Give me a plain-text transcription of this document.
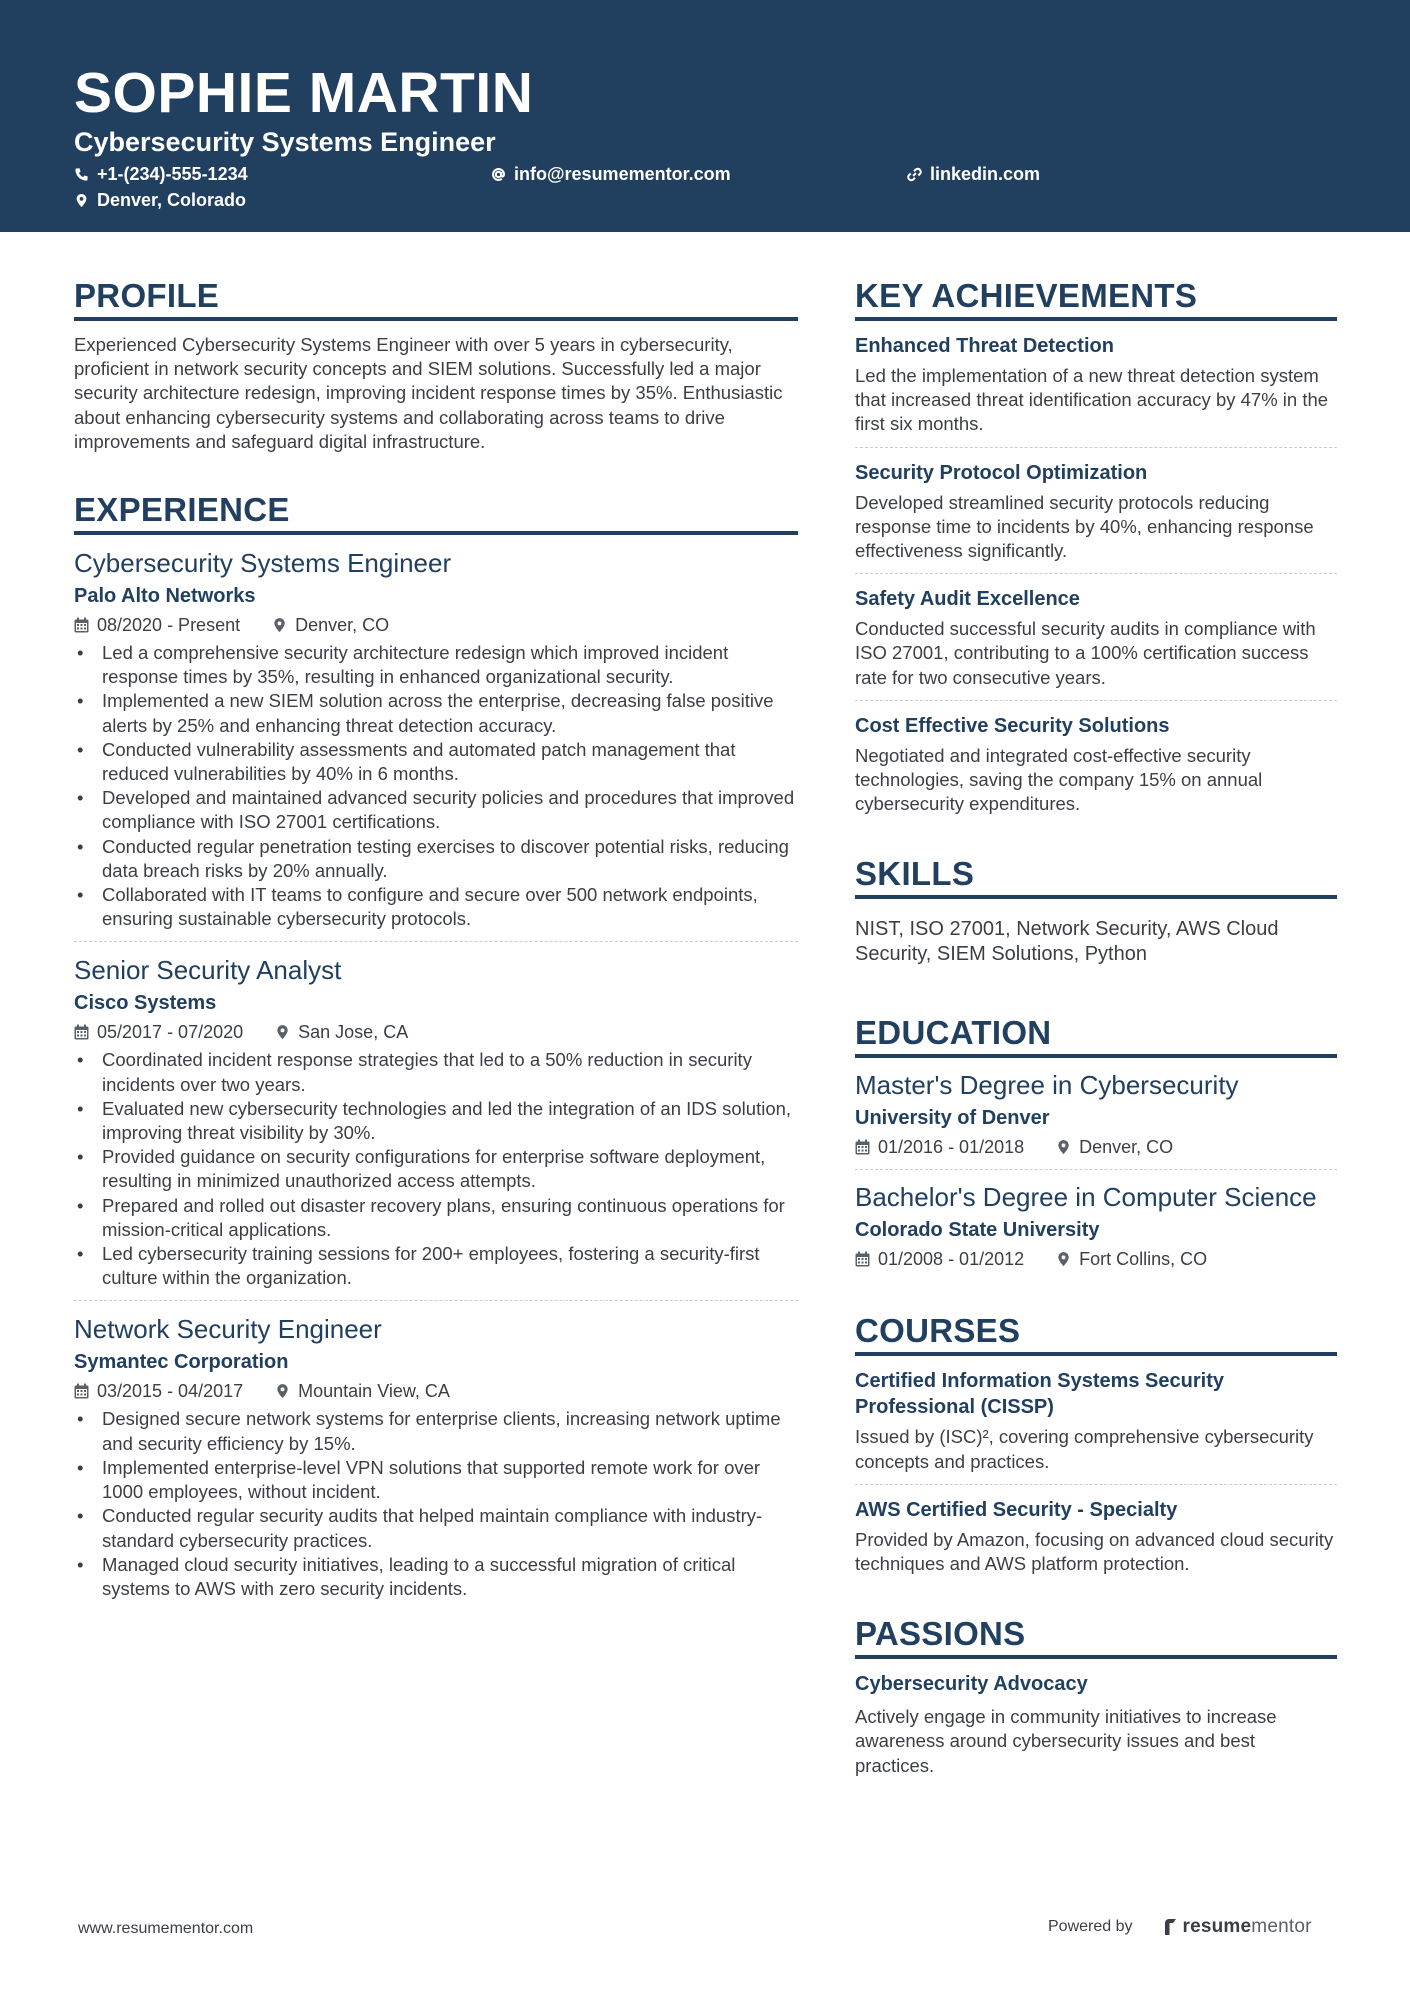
SOPHIE MARTIN
Cybersecurity Systems Engineer
+1-(234)-555-1234	info@resumementor.com	linkedin.com
Denver, Colorado
PROFILE

Experienced Cybersecurity Systems Engineer with over 5 years in cybersecurity, proficient in network security concepts and SIEM solutions. Successfully led a major security architecture redesign, improving incident response times by 35%. Enthusiastic about enhancing cybersecurity systems and collaborating across teams to drive improvements and safeguard digital infrastructure.

EXPERIENCE
Cybersecurity Systems Engineer
Palo Alto Networks
08/2020 - Present	Denver, CO
• Led a comprehensive security architecture redesign which improved incident response times by 35%, resulting in enhanced organizational security.
• Implemented a new SIEM solution across the enterprise, decreasing false positive alerts by 25% and enhancing threat detection accuracy.
• Conducted vulnerability assessments and automated patch management that reduced vulnerabilities by 40% in 6 months.
• Developed and maintained advanced security policies and procedures that improved compliance with ISO 27001 certifications.
• Conducted regular penetration testing exercises to discover potential risks, reducing data breach risks by 20% annually.
• Collaborated with IT teams to configure and secure over 500 network endpoints, ensuring sustainable cybersecurity protocols.
Senior Security Analyst
Cisco Systems
05/2017 - 07/2020	San Jose, CA
• Coordinated incident response strategies that led to a 50% reduction in security incidents over two years.
• Evaluated new cybersecurity technologies and led the integration of an IDS solution, improving threat visibility by 30%.
• Provided guidance on security configurations for enterprise software deployment, resulting in minimized unauthorized access attempts.
• Prepared and rolled out disaster recovery plans, ensuring continuous operations for mission-critical applications.
• Led cybersecurity training sessions for 200+ employees, fostering a security-first culture within the organization.
Network Security Engineer
Symantec Corporation
03/2015 - 04/2017	Mountain View, CA
• Designed secure network systems for enterprise clients, increasing network uptime and security efficiency by 15%.
• Implemented enterprise-level VPN solutions that supported remote work for over 1000 employees, without incident.
• Conducted regular security audits that helped maintain compliance with industry-standard cybersecurity practices.
• Managed cloud security initiatives, leading to a successful migration of critical systems to AWS with zero security incidents.
KEY ACHIEVEMENTS
Enhanced Threat Detection
Led the implementation of a new threat detection system that increased threat identification accuracy by 47% in the first six months.
Security Protocol Optimization
Developed streamlined security protocols reducing response time to incidents by 40%, enhancing response effectiveness significantly.
Safety Audit Excellence
Conducted successful security audits in compliance with ISO 27001, contributing to a 100% certification success rate for two consecutive years.
Cost Effective Security Solutions
Negotiated and integrated cost-effective security technologies, saving the company 15% on annual cybersecurity expenditures.
SKILLS

NIST, ISO 27001, Network Security, AWS Cloud Security, SIEM Solutions, Python

EDUCATION
Master's Degree in Cybersecurity
University of Denver
01/2016 - 01/2018	Denver, CO
Bachelor's Degree in Computer Science
Colorado State University
01/2008 - 01/2012	Fort Collins, CO
COURSES
Certified Information Systems Security Professional (CISSP)
Issued by (ISC)², covering comprehensive cybersecurity concepts and practices.
AWS Certified Security - Specialty
Provided by Amazon, focusing on advanced cloud security techniques and AWS platform protection.
PASSIONS
Cybersecurity Advocacy
Actively engage in community initiatives to increase awareness around cybersecurity issues and best practices.
www.resumementor.com	Powered by	resume mentor
